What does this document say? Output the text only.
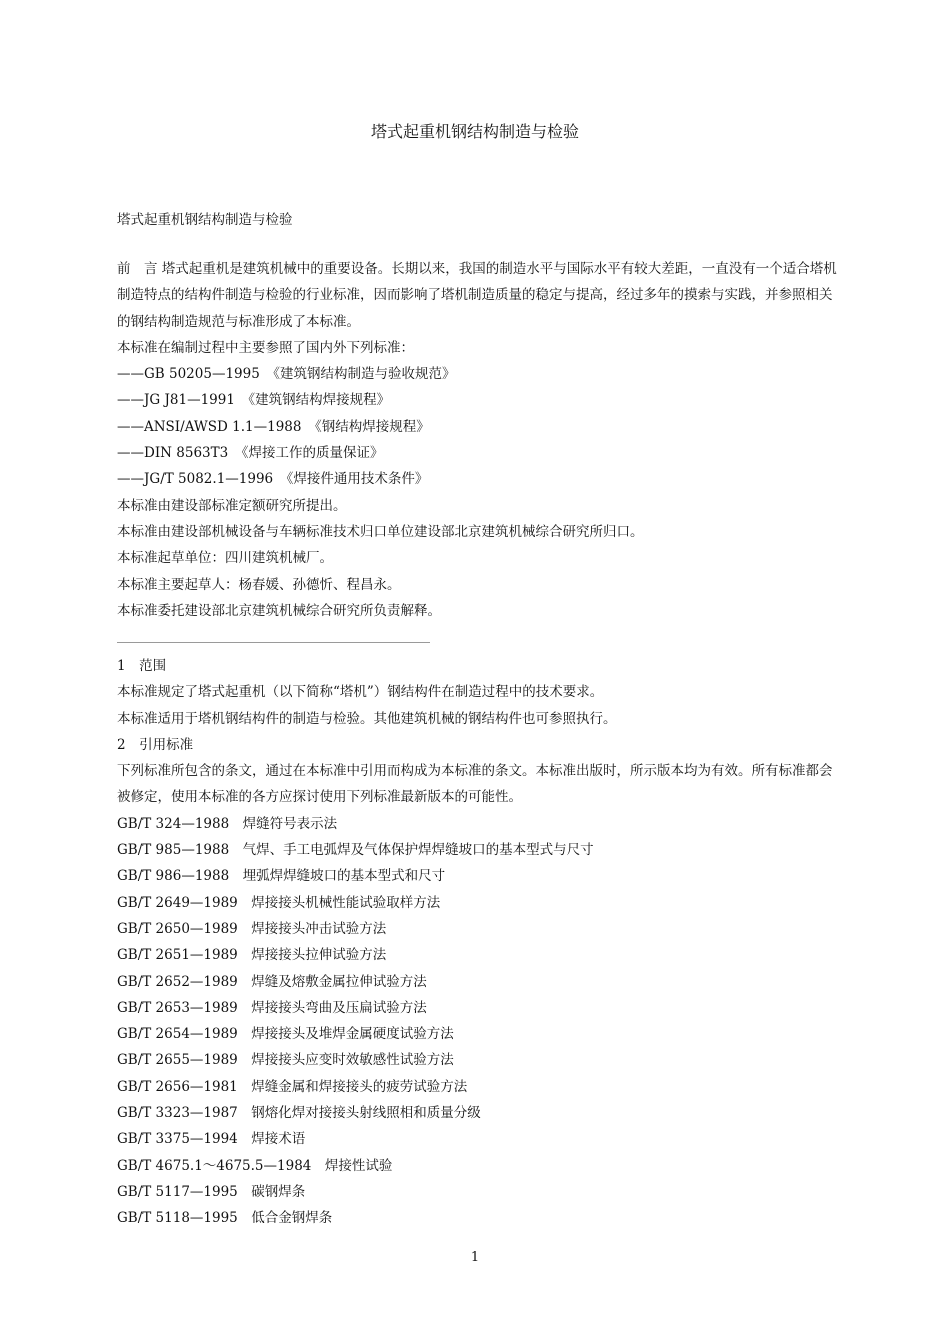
塔式起重机钢结构制造与检验
塔式起重机钢结构制造与检验

前　言 塔式起重机是建筑机械中的重要设备。长期以来，我国的制造水平与国际水平有较大差距，一直没有一个适合塔机制造特点的结构件制造与检验的行业标准，因而影响了塔机制造质量的稳定与提高，经过多年的摸索与实践，并参照相关的钢结构制造规范与标准形成了本标准。

本标准在编制过程中主要参照了国内外下列标准：

——GB 50205—1995　《建筑钢结构制造与验收规范》

——JG J81—1991　《建筑钢结构焊接规程》

——ANSI/AWSD 1.1—1988　《钢结构焊接规程》

——DIN 8563T3　《焊接工作的质量保证》

——JG/T 5082.1—1996　《焊接件通用技术条件》

本标准由建设部标准定额研究所提出。

本标准由建设部机械设备与车辆标准技术归口单位建设部北京建筑机械综合研究所归口。

本标准起草单位：四川建筑机械厂。

本标准主要起草人：杨春媛、孙德忻、程昌永。

本标准委托建设部北京建筑机械综合研究所负责解释。

1　范围

本标准规定了塔式起重机（以下简称“塔机”）钢结构件在制造过程中的技术要求。

本标准适用于塔机钢结构件的制造与检验。其他建筑机械的钢结构件也可参照执行。

2　引用标准

下列标准所包含的条文，通过在本标准中引用而构成为本标准的条文。本标准出版时，所示版本均为有效。所有标准都会被修定，使用本标准的各方应探讨使用下列标准最新版本的可能性。

GB/T 324—1988　焊缝符号表示法

GB/T 985—1988　气焊、手工电弧焊及气体保护焊焊缝坡口的基本型式与尺寸

GB/T 986—1988　埋弧焊焊缝坡口的基本型式和尺寸

GB/T 2649—1989　焊接接头机械性能试验取样方法

GB/T 2650—1989　焊接接头冲击试验方法

GB/T 2651—1989　焊接接头拉伸试验方法

GB/T 2652—1989　焊缝及熔敷金属拉伸试验方法

GB/T 2653—1989　焊接接头弯曲及压扁试验方法

GB/T 2654—1989　焊接接头及堆焊金属硬度试验方法

GB/T 2655—1989　焊接接头应变时效敏感性试验方法

GB/T 2656—1981　焊缝金属和焊接接头的疲劳试验方法

GB/T 3323—1987　钢熔化焊对接接头射线照相和质量分级

GB/T 3375—1994　焊接术语

GB/T 4675.1～4675.5—1984　焊接性试验

GB/T 5117—1995　碳钢焊条

GB/T 5118—1995　低合金钢焊条

1
